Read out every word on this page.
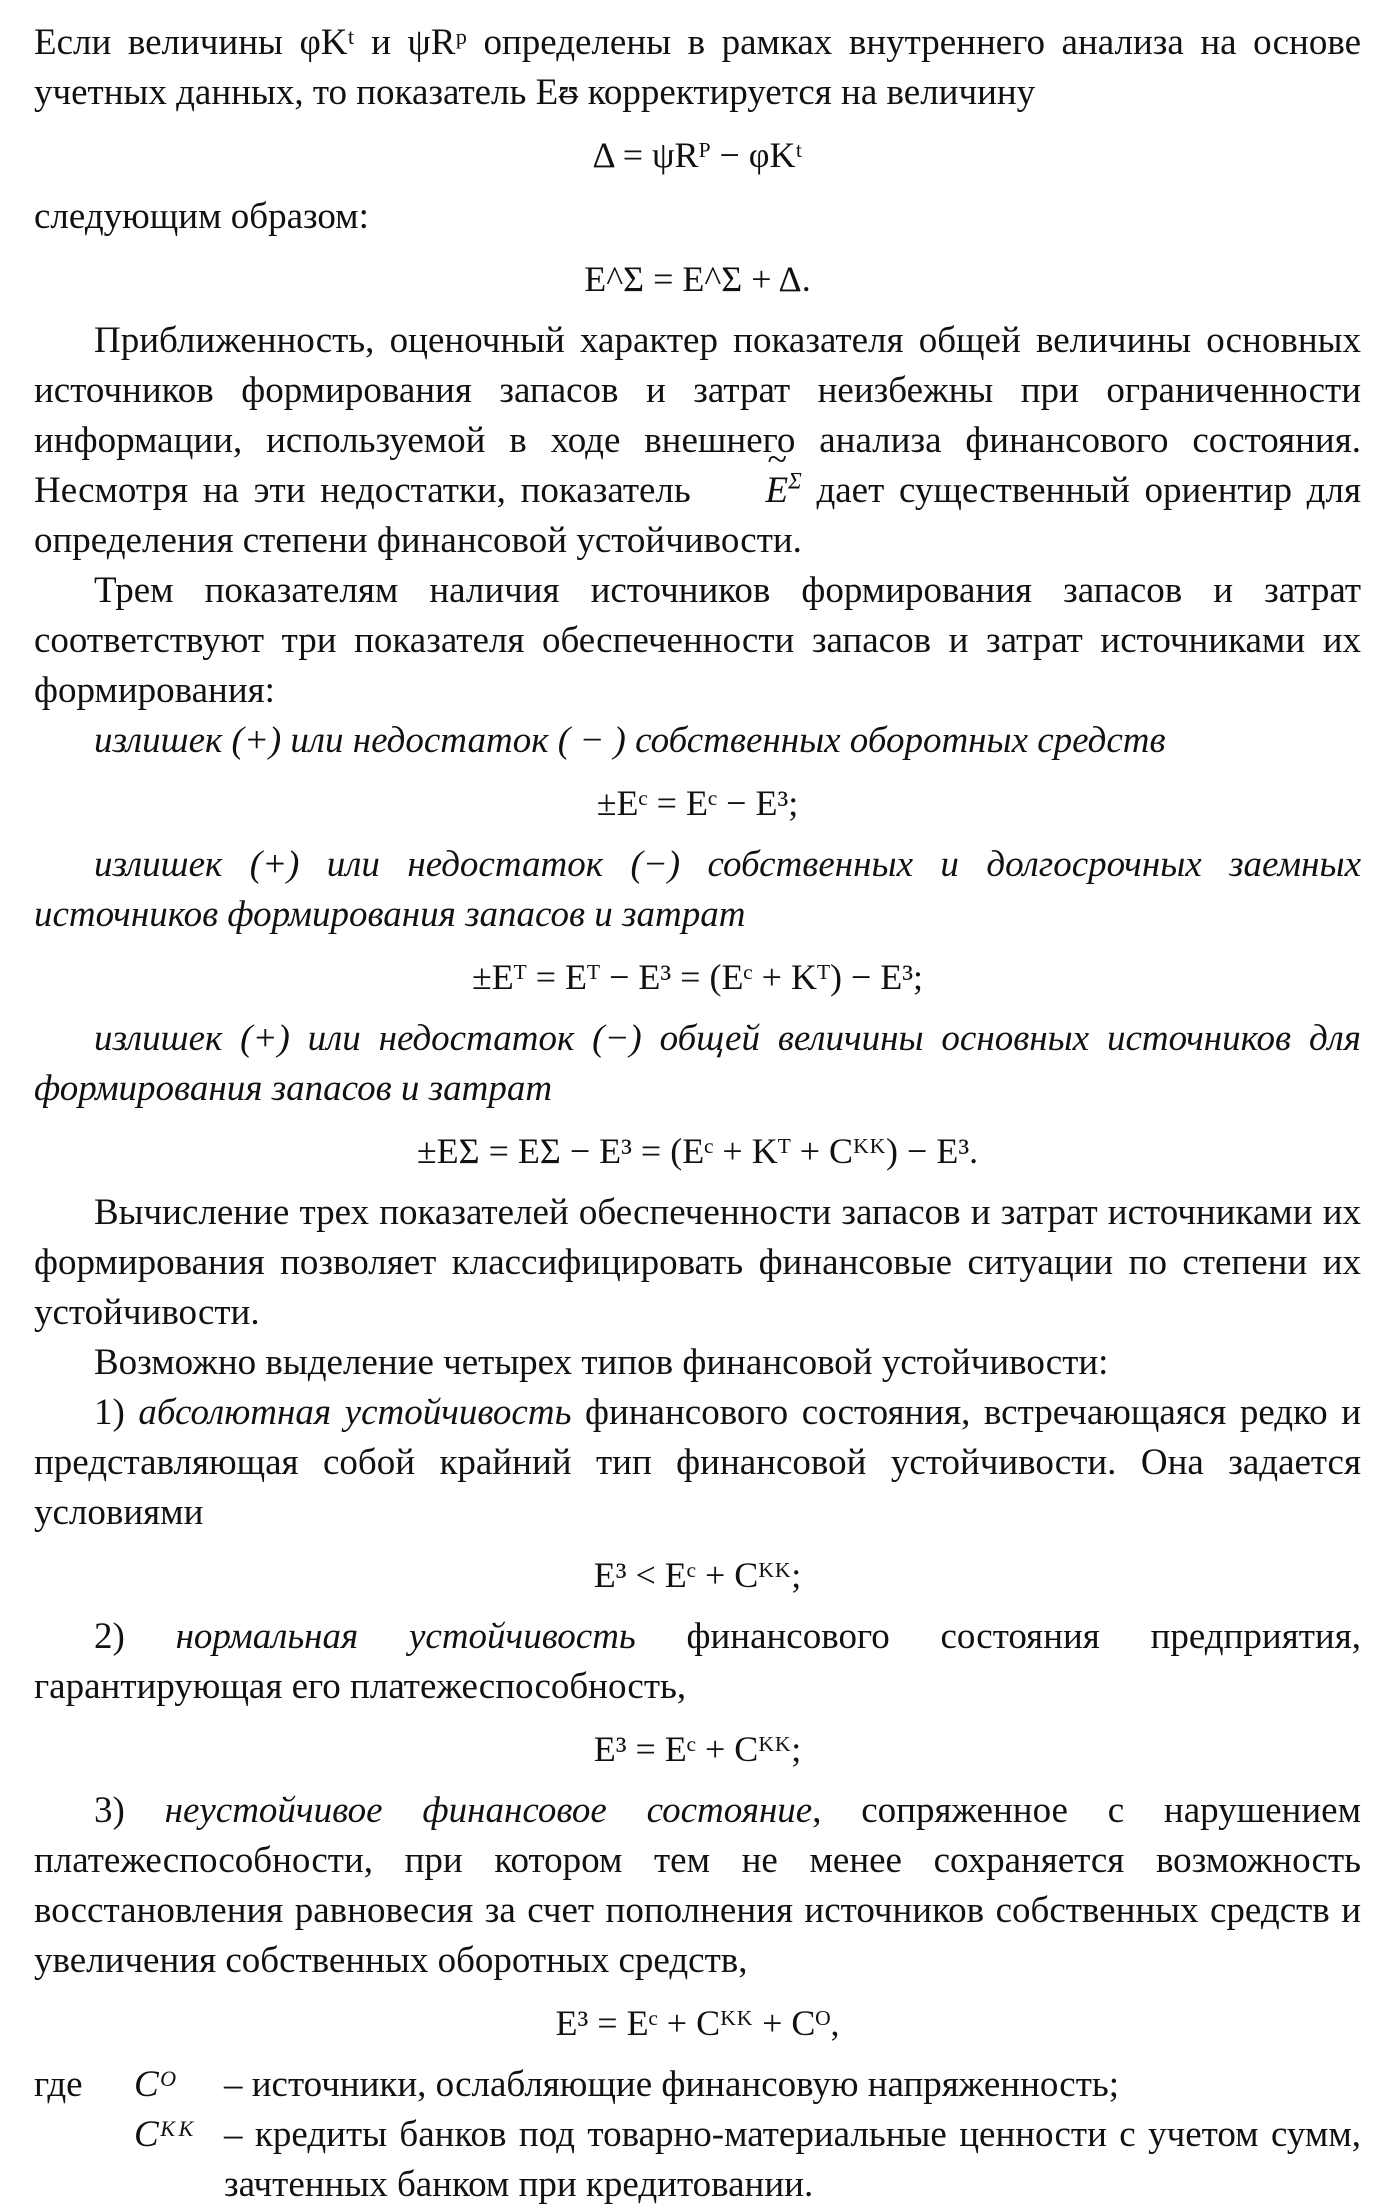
Если величины φKᵗ и ψRᵖ определены в рамках внутреннего анализа на основе учетных данных, то показатель Eᵿ корректируется на величину

Δ = ψRᴾ − φKᵗ

следующим образом:

E^Σ = E^Σ + Δ.

Приближенность, оценочный характер показателя общей величины основных источников формирования запасов и затрат неизбежны при ограниченности информации, используемой в ходе внешнего анализа финансового состояния. Несмотря на эти недостатки, показатель ~ $E^\Sigma$ дает существенный ориентир для определения степени финансовой устойчивости.

Трем показателям наличия источников формирования запасов и затрат соответствуют три показателя обеспеченности запасов и затрат источниками их формирования:

излишек (+) или недостаток ( − ) собственных оборотных средств

±Eᶜ = Eᶜ − E³;

излишек (+) или недостаток (−) собственных и долгосрочных заемных источников формирования запасов и затрат

±Eᵀ = Eᵀ − E³ = (Eᶜ + Kᵀ) − E³;

излишек (+) или недостаток (−) общей величины основных источников для формирования запасов и затрат

±EΣ = EΣ − E³ = (Eᶜ + Kᵀ + Cᴷᴷ) − E³.

Вычисление трех показателей обеспеченности запасов и затрат источниками их формирования позволяет классифицировать финансовые ситуации по степени их устойчивости.

Возможно выделение четырех типов финансовой устойчивости:

1) абсолютная устойчивость финансового состояния, встречающаяся редко и представляющая собой крайний тип финансовой устойчивости. Она задается условиями

E³ < Eᶜ + Cᴷᴷ;

2) нормальная устойчивость финансового состояния предприятия, гарантирующая его платежеспособность,

E³ = Eᶜ + Cᴷᴷ;

3) неустойчивое финансовое состояние, сопряженное с нарушением платежеспособности, при котором тем не менее сохраняется возможность восстановления равновесия за счет пополнения источников собственных средств и увеличения собственных оборотных средств,

E³ = Eᶜ + Cᴷᴷ + Cᴼ,
где	Cᴼ	– источники, ослабляющие финансовую напряженность;
Cᴷᴷ – кредиты банков под товарно-материальные ценности с учетом сумм, зачтенных банком при кредитовании.
